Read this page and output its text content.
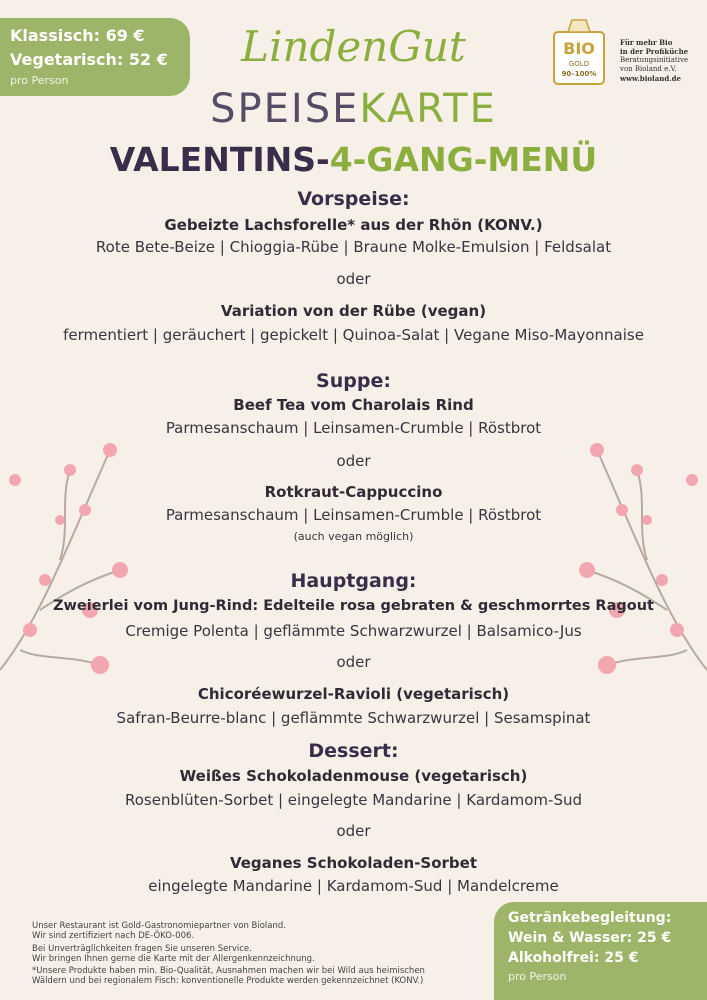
Klassisch: 69 €
Vegetarisch: 52 €
pro Person
LindenGut	BIO
GOLD
90–100%
Für mehr Bio
in der Profiküche
Beratungsinitiative
von Bioland e.V.
www.bioland.de
SPEISEKARTE
VALENTINS-4-GANG-MENÜ
Vorspeise:
Gebeizte Lachsforelle* aus der Rhön (KONV.)
Rote Bete-Beize | Chioggia-Rübe | Braune Molke-Emulsion | Feldsalat
oder
Variation von der Rübe (vegan)
fermentiert | geräuchert | gepickelt | Quinoa-Salat | Vegane Miso-Mayonnaise
Suppe:
Beef Tea vom Charolais Rind
Parmesanschaum | Leinsamen-Crumble | Röstbrot
oder
Rotkraut-Cappuccino
Parmesanschaum | Leinsamen-Crumble | Röstbrot
(auch vegan möglich)
Hauptgang:
Zweierlei vom Jung-Rind: Edelteile rosa gebraten & geschmorrtes Ragout
Cremige Polenta | geflämmte Schwarzwurzel | Balsamico-Jus
oder
Chicoréewurzel-Ravioli (vegetarisch)
Safran-Beurre-blanc | geflämmte Schwarzwurzel | Sesamspinat
Dessert:
Weißes Schokoladenmouse (vegetarisch)
Rosenblüten-Sorbet | eingelegte Mandarine | Kardamom-Sud
oder
Veganes Schokoladen-Sorbet
eingelegte Mandarine | Kardamom-Sud | Mandelcreme
Unser Restaurant ist Gold-Gastronomiepartner von Bioland.
Wir sind zertifiziert nach DE-ÖKO-006.
Bei Unverträglichkeiten fragen Sie unseren Service.
Wir bringen Ihnen gerne die Karte mit der Allergenkennzeichnung.
*Unsere Produkte haben min. Bio-Qualität, Ausnahmen machen wir bei Wild aus heimischen
Wäldern und bei regionalem Fisch: konventionelle Produkte werden gekennzeichnet (KONV.)
Getränkebegleitung:
Wein & Wasser: 25 €
Alkoholfrei: 25 €
pro Person
